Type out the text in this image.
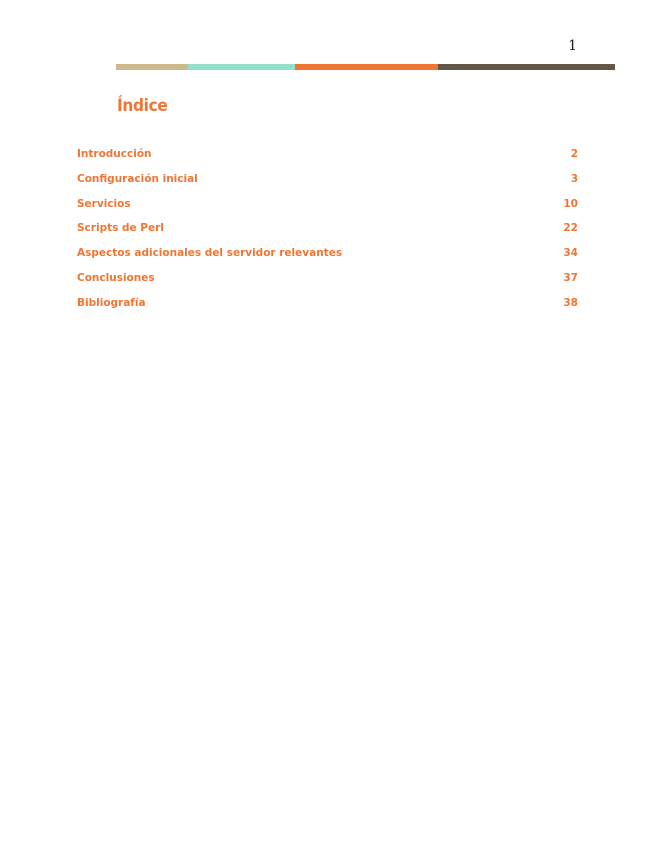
1
Índice
Introducción	2
Configuración inicial	3
Servicios	10
Scripts de Perl	22
Aspectos adicionales del servidor relevantes	34
Conclusiones	37
Bibliografía	38
